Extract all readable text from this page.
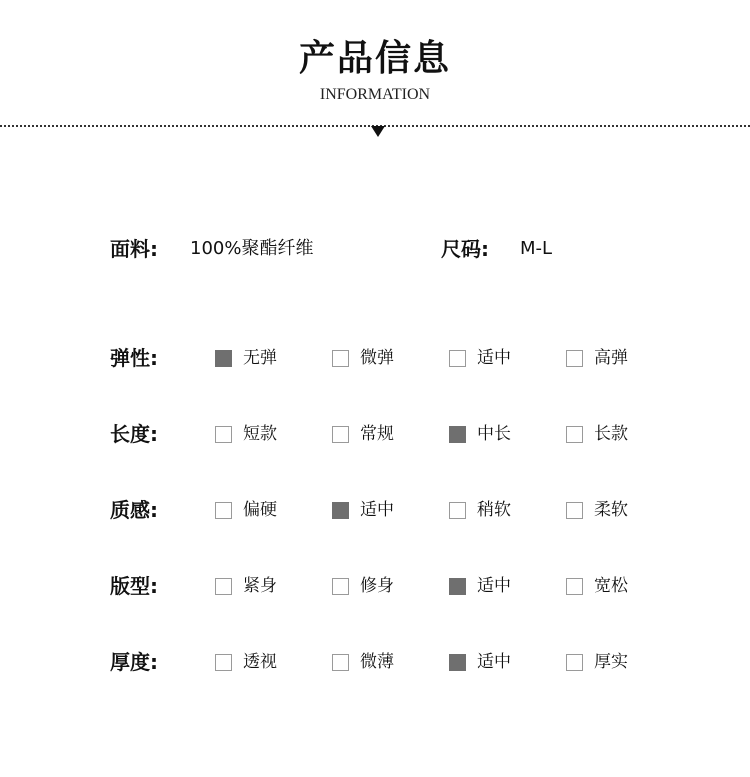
产品信息
INFORMATION
面料: 100%聚酯纤维	尺码: M-L
弹性:	无弹	微弹	适中	高弹
长度:	短款	常规	中长	长款
质感:	偏硬	适中	稍软	柔软
版型:	紧身	修身	适中	宽松
厚度:	透视	微薄	适中	厚实
